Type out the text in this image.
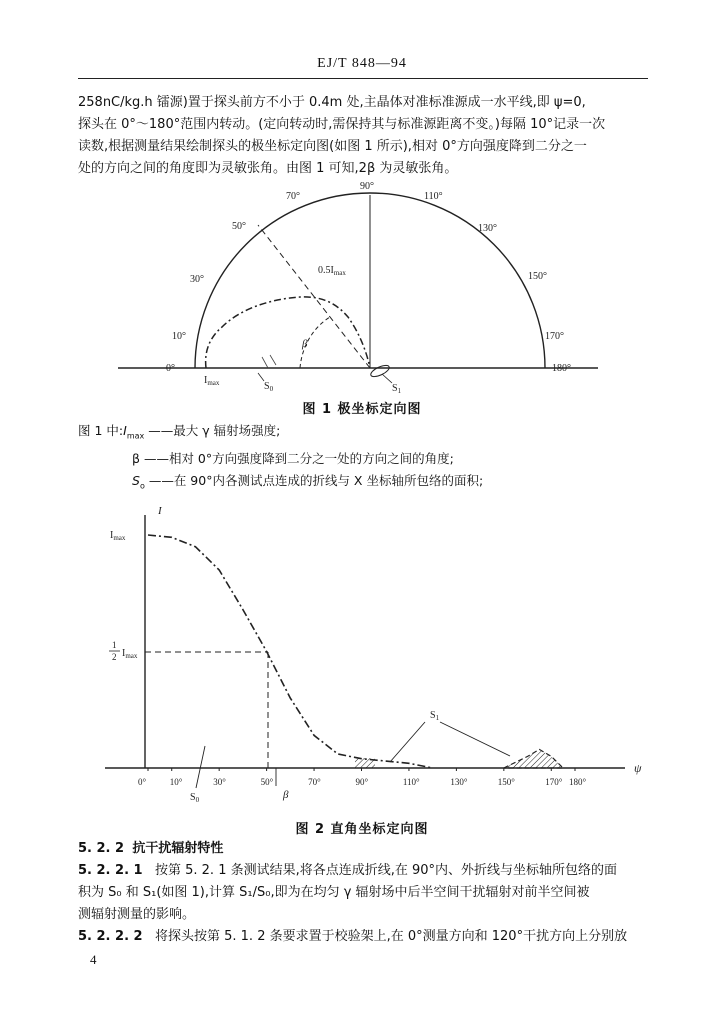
EJ/T 848—94
258nC/kg.h 镭源)置于探头前方不小于 0.4m 处,主晶体对准标准源成一水平线,即 ψ=0,
探头在 0°～180°范围内转动。(定向转动时,需保持其与标准源距离不变。)每隔 10°记录一次
读数,根据测量结果绘制探头的极坐标定向图(如图 1 所示),相对 0°方向强度降到二分之一
处的方向之间的角度即为灵敏张角。由图 1 可知,2β 为灵敏张角。
0°
10°
30°
50°
70°
90°
110°
130°
150°
170°
180°
$0.5I_{max}$
$I_{max}$	$S_0$	$S_1$
β
图 1 极坐标定向图
图 1 中$:I_{max}$ ——最大 γ 辐射场强度;
β ——相对 0°方向强度降到二分之一处的方向之间的角度;
$S_o$ ——在 90°内各测试点连成的折线与 X 坐标轴所包络的面积;
I
ψ
$I_{max}$
1
2 $I_{max}$
$S_1$
$S_0$	β
0°	10°	30°	50°	70°	90°	110°	130°	150°	170° 180°
图 2 直角坐标定向图
5. 2. 2 抗干扰辐射特性
5. 2. 2. 1 按第 5. 2. 1 条测试结果,将各点连成折线,在 90°内、外折线与坐标轴所包络的面
积为 S₀ 和 S₁(如图 1),计算 S₁/S₀,即为在均匀 γ 辐射场中后半空间干扰辐射对前半空间被
测辐射测量的影响。
5. 2. 2. 2 将探头按第 5. 1. 2 条要求置于校验架上,在 0°测量方向和 120°干扰方向上分别放
4
